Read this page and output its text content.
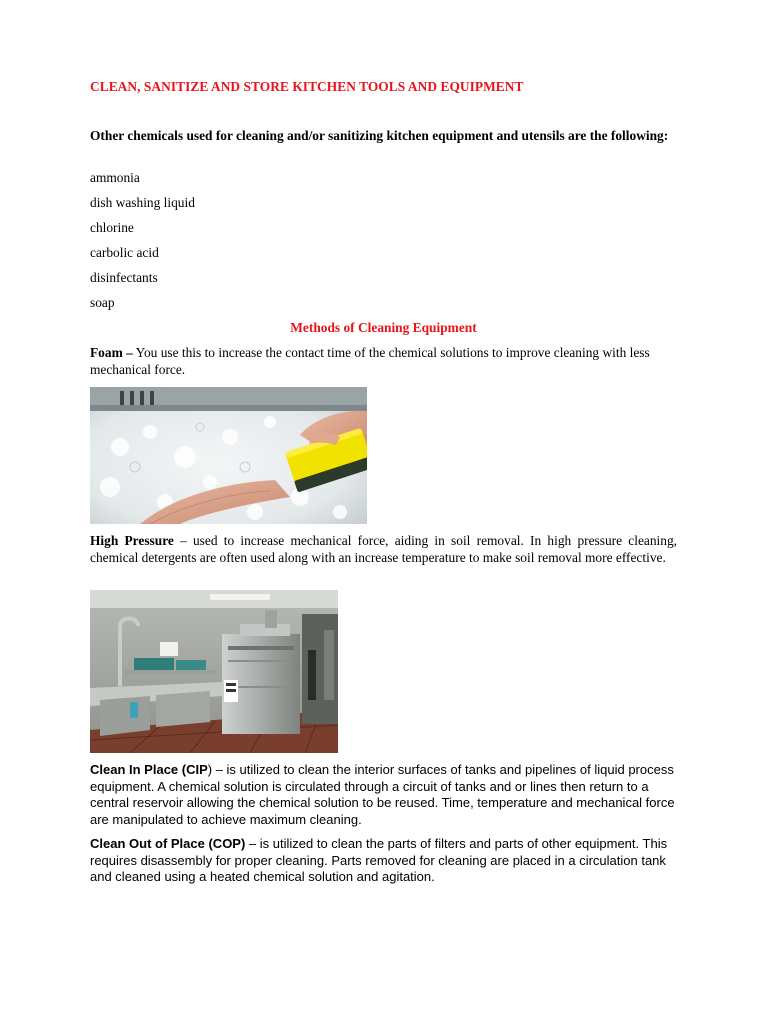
CLEAN, SANITIZE AND STORE KITCHEN TOOLS AND EQUIPMENT
Other chemicals used for cleaning and/or sanitizing kitchen equipment and utensils are the following:
ammonia
dish washing liquid
chlorine
carbolic acid
disinfectants
soap
Methods of Cleaning Equipment

Foam – You use this to increase the contact time of the chemical solutions to improve cleaning with less mechanical force.

High Pressure – used to increase mechanical force, aiding in soil removal. In high pressure cleaning, chemical detergents are often used along with an increase temperature to make soil removal more effective.

Clean In Place (CIP) – is utilized to clean the interior surfaces of tanks and pipelines of liquid process equipment. A chemical solution is circulated through a circuit of tanks and or lines then return to a central reservoir allowing the chemical solution to be reused. Time, temperature and mechanical force are manipulated to achieve maximum cleaning.

Clean Out of Place (COP) – is utilized to clean the parts of filters and parts of other equipment. This requires disassembly for proper cleaning. Parts removed for cleaning are placed in a circulation tank and cleaned using a heated chemical solution and agitation.
